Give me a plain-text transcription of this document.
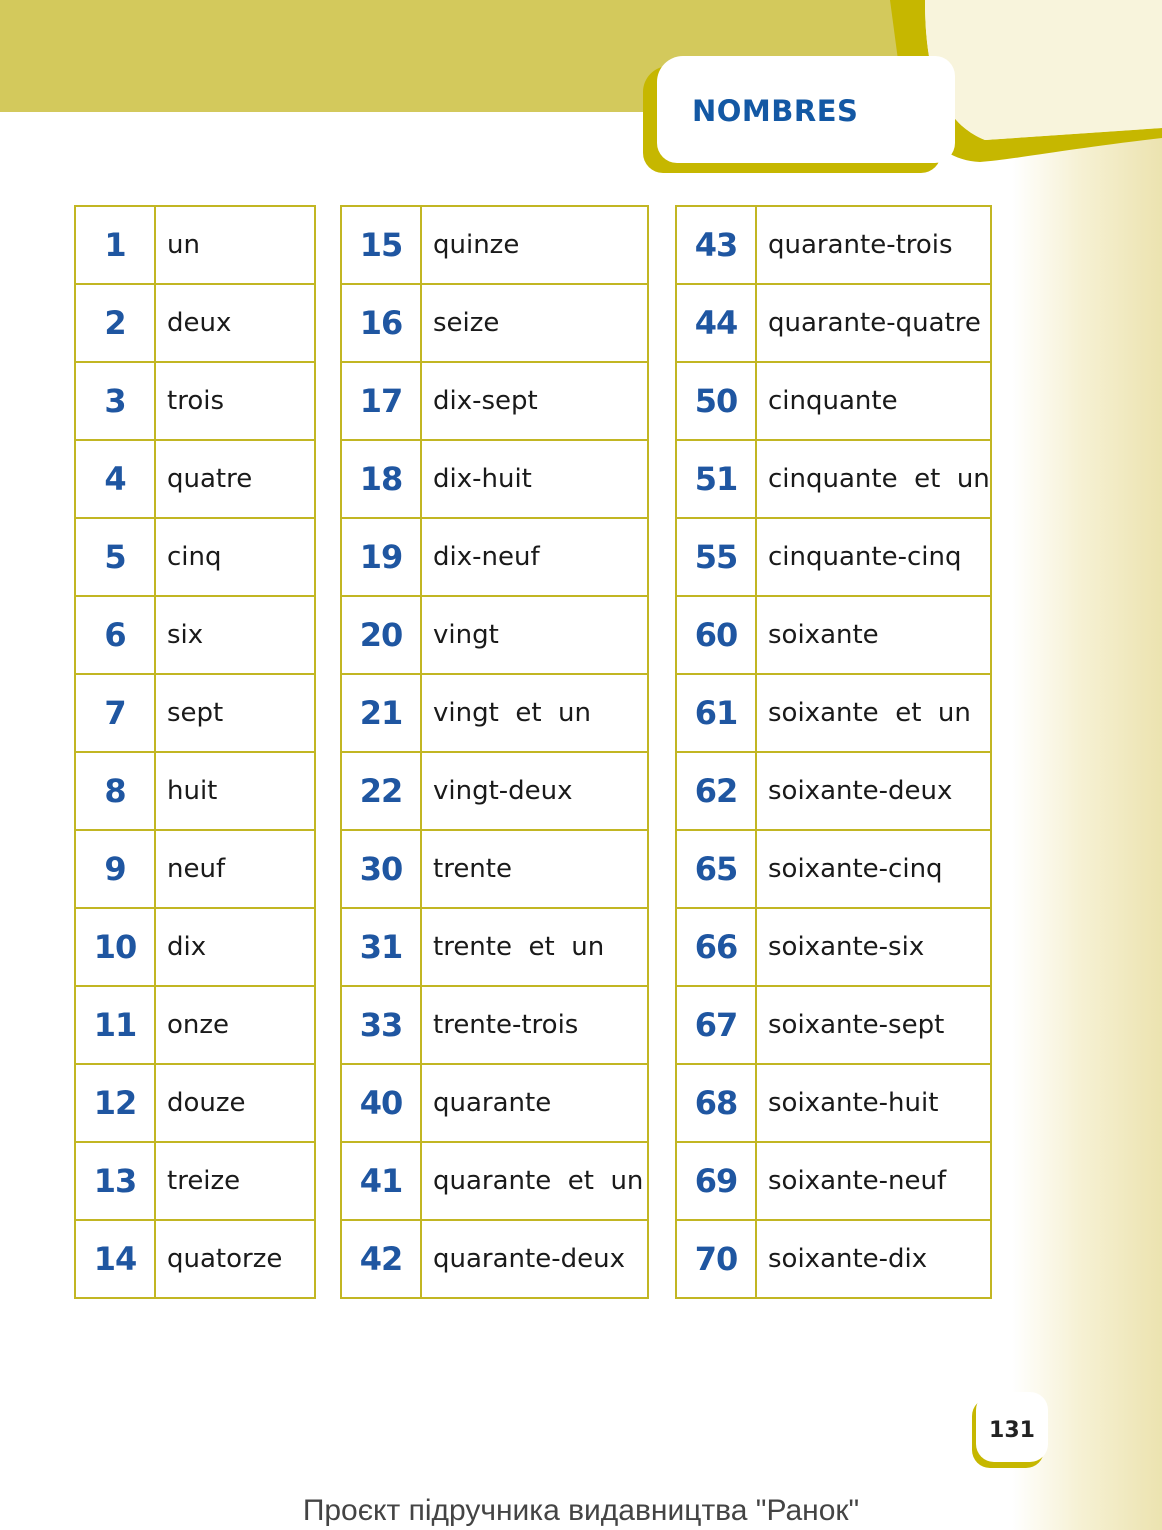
NOMBRES
1	un
2	deux
3	trois
4	quatre
5	cinq
6	six
7	sept
8	huit
9	neuf
10	dix
11	onze
12	douze
13	treize
14	quatorze
15	quinze
16	seize
17	dix-sept
18	dix-huit
19	dix-neuf
20	vingt
21	vingt  et  un
22	vingt-deux
30	trente
31	trente  et  un
33	trente-trois
40	quarante
41	quarante  et  un
42	quarante-deux
43	quarante-trois
44	quarante-quatre
50	cinquante
51	cinquante  et  un
55	cinquante-cinq
60	soixante
61	soixante  et  un
62	soixante-deux
65	soixante-cinq
66	soixante-six
67	soixante-sept
68	soixante-huit
69	soixante-neuf
70	soixante-dix
131
Проєкт підручника видавництва "Ранок"
